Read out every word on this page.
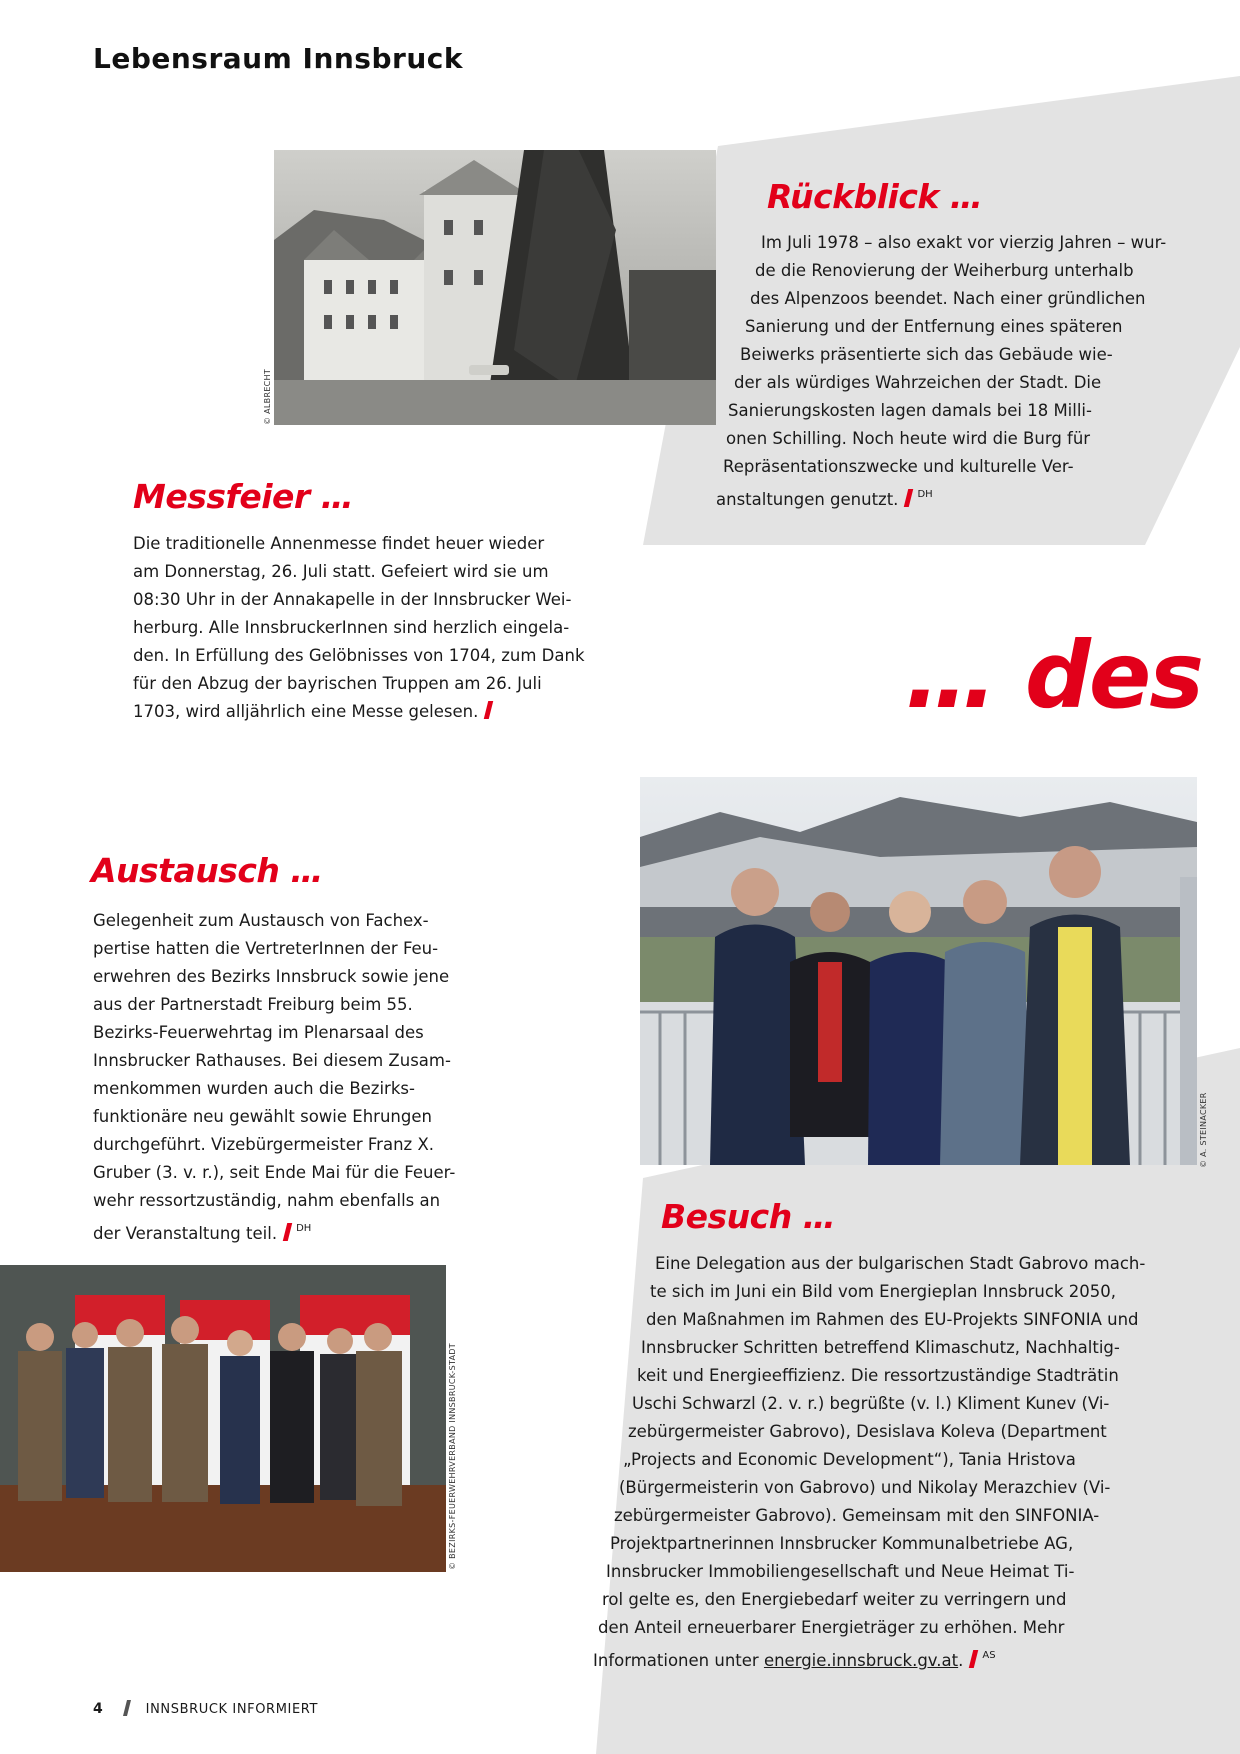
Lebensraum Innsbruck
© ALBRECHT
Rückblick …
Im Juli 1978 – also exakt vor vierzig Jahren – wur-
de die Renovierung der Weiherburg unterhalb
des Alpenzoos beendet. Nach einer gründlichen
Sanierung und der Entfernung eines späteren
Beiwerks präsentierte sich das Gebäude wie-
der als würdiges Wahrzeichen der Stadt. Die
Sanierungskosten lagen damals bei 18 Milli-
onen Schilling. Noch heute wird die Burg für
Repräsentationszwecke und kulturelle Ver-
anstaltungen genutzt. $^{DH}$
Messfeier …
Die traditionelle Annenmesse findet heuer wieder
am Donnerstag, 26. Juli statt. Gefeiert wird sie um
08:30 Uhr in der Annakapelle in der Innsbrucker Wei-
herburg. Alle InnsbruckerInnen sind herzlich eingela-
den. In Erfüllung des Gelöbnisses von 1704, zum Dank
für den Abzug der bayrischen Truppen am 26. Juli
1703, wird alljährlich eine Messe gelesen.	… des
© A. STEINACKER
Austausch …
Gelegenheit zum Austausch von Fachex-
pertise hatten die VertreterInnen der Feu-
erwehren des Bezirks Innsbruck sowie jene
aus der Partnerstadt Freiburg beim 55.
Bezirks-Feuerwehrtag im Plenarsaal des
Innsbrucker Rathauses. Bei diesem Zusam-
menkommen wurden auch die Bezirks-
funktionäre neu gewählt sowie Ehrungen
durchgeführt. Vizebürgermeister Franz X.
Gruber (3. v. r.), seit Ende Mai für die Feuer-
wehr ressortzuständig, nahm ebenfalls an
der Veranstaltung teil. $^{DH}$
© BEZIRKS-FEUERWEHRVERBAND INNSBRUCK-STADT
Besuch …
Eine Delegation aus der bulgarischen Stadt Gabrovo mach-
te sich im Juni ein Bild vom Energieplan Innsbruck 2050,
den Maßnahmen im Rahmen des EU-Projekts SINFONIA und
Innsbrucker Schritten betreffend Klimaschutz, Nachhaltig-
keit und Energieeffizienz. Die ressortzuständige Stadträtin
Uschi Schwarzl (2. v. r.) begrüßte (v. l.) Kliment Kunev (Vi-
zebürgermeister Gabrovo), Desislava Koleva (Department
„Projects and Economic Development“), Tania Hristova
(Bürgermeisterin von Gabrovo) und Nikolay Merazchiev (Vi-
zebürgermeister Gabrovo). Gemeinsam mit den SINFONIA-
Projektpartnerinnen Innsbrucker Kommunalbetriebe AG,
Innsbrucker Immobiliengesellschaft und Neue Heimat Ti-
rol gelte es, den Energiebedarf weiter zu verringern und
den Anteil erneuerbarer Energieträger zu erhöhen. Mehr
Informationen unter energie.innsbruck.gv.at. $^{AS}$
4	INNSBRUCK INFORMIERT
